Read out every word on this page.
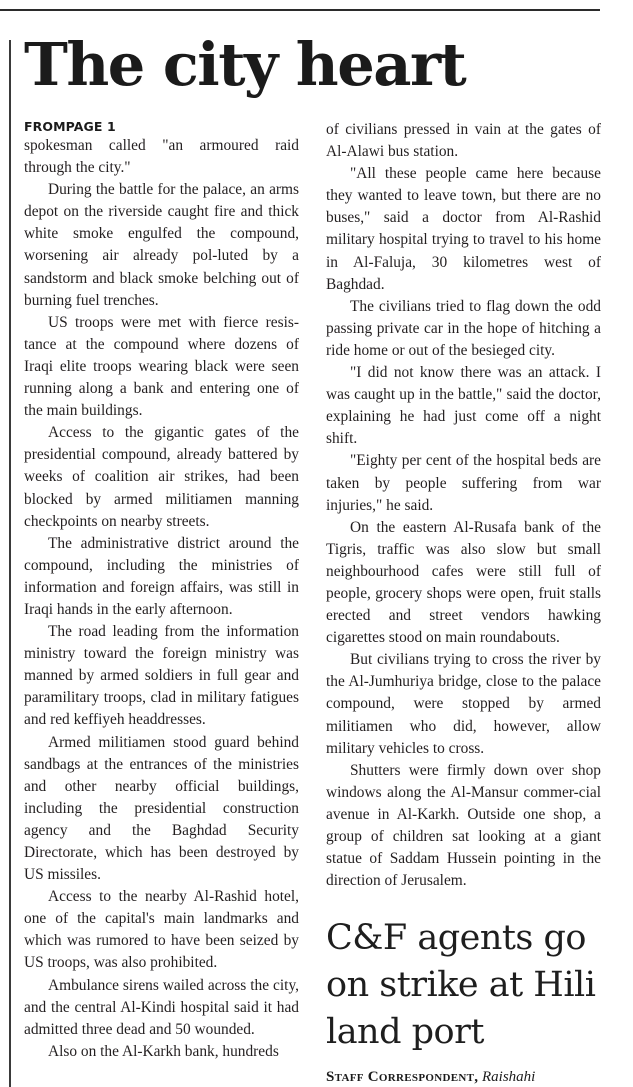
The city heart
FROMPAGE 1

spokesman called "an armoured raid through the city."

During the battle for the palace, an arms depot on the riverside caught fire and thick white smoke engulfed the compound, worsening air already pol-luted by a sandstorm and black smoke belching out of burning fuel trenches.

US troops were met with fierce resis-tance at the compound where dozens of Iraqi elite troops wearing black were seen running along a bank and entering one of the main buildings.

Access to the gigantic gates of the presidential compound, already battered by weeks of coalition air strikes, had been blocked by armed militiamen manning checkpoints on nearby streets.

The administrative district around the compound, including the ministries of information and foreign affairs, was still in Iraqi hands in the early afternoon.

The road leading from the information ministry toward the foreign ministry was manned by armed soldiers in full gear and paramilitary troops, clad in military fatigues and red keffiyeh headdresses.

Armed militiamen stood guard behind sandbags at the entrances of the ministries and other nearby official buildings, including the presidential construction agency and the Baghdad Security Directorate, which has been destroyed by US missiles.

Access to the nearby Al-Rashid hotel, one of the capital's main landmarks and which was rumored to have been seized by US troops, was also prohibited.

Ambulance sirens wailed across the city, and the central Al-Kindi hospital said it had admitted three dead and 50 wounded.

Also on the Al-Karkh bank, hundreds

of civilians pressed in vain at the gates of Al-Alawi bus station.

"All these people came here because they wanted to leave town, but there are no buses," said a doctor from Al-Rashid military hospital trying to travel to his home in Al-Faluja, 30 kilometres west of Baghdad.

The civilians tried to flag down the odd passing private car in the hope of hitching a ride home or out of the besieged city.

"I did not know there was an attack. I was caught up in the battle," said the doctor, explaining he had just come off a night shift.

"Eighty per cent of the hospital beds are taken by people suffering from war injuries," he said.

On the eastern Al-Rusafa bank of the Tigris, traffic was also slow but small neighbourhood cafes were still full of people, grocery shops were open, fruit stalls erected and street vendors hawking cigarettes stood on main roundabouts.

But civilians trying to cross the river by the Al-Jumhuriya bridge, close to the palace compound, were stopped by armed militiamen who did, however, allow military vehicles to cross.

Shutters were firmly down over shop windows along the Al-Mansur commer-cial avenue in Al-Karkh. Outside one shop, a group of children sat looking at a giant statue of Saddam Hussein pointing in the direction of Jerusalem.

C&F agents go on strike at Hili land port
Staff Correspondent, Raishahi
